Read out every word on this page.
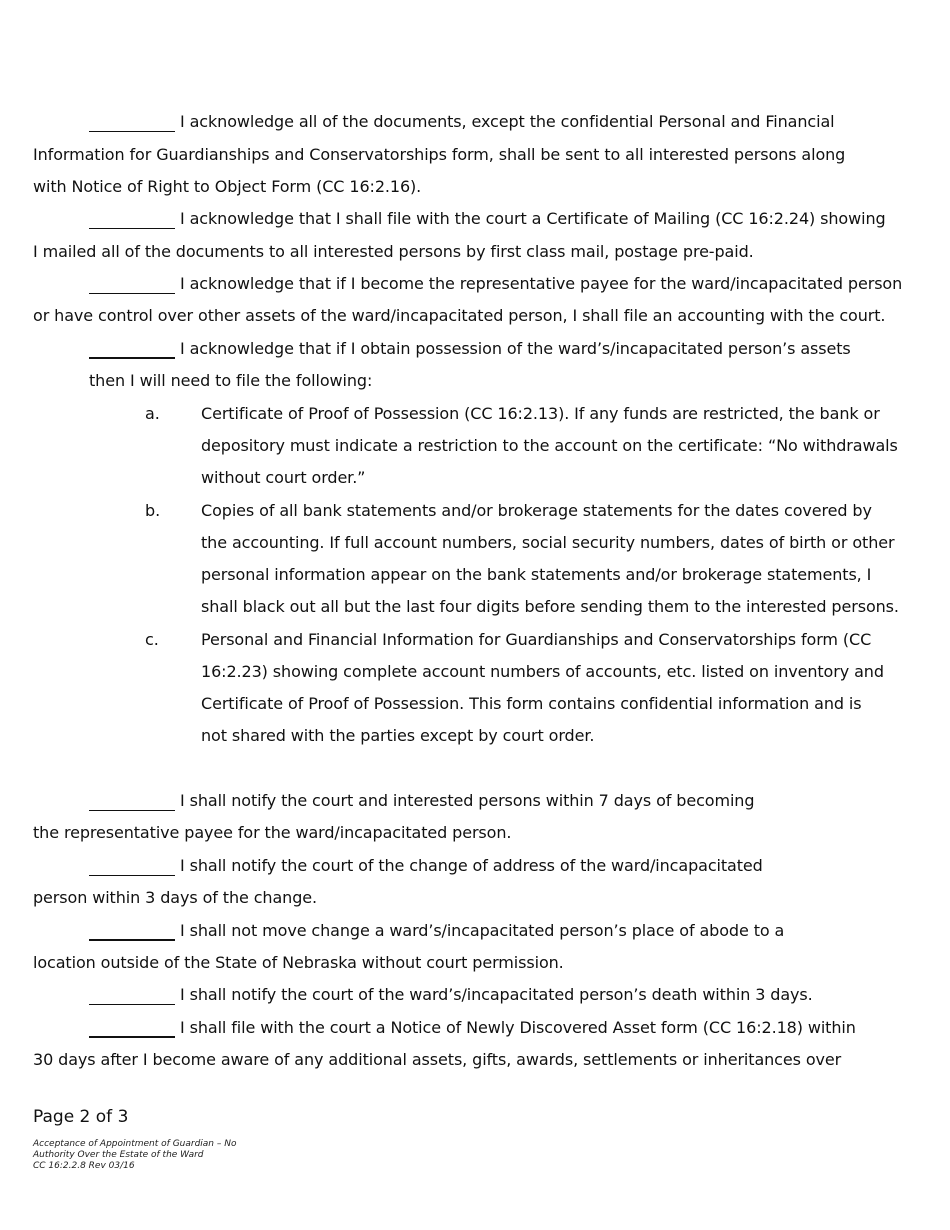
I acknowledge all of the documents, except the confidential Personal and Financial
Information for Guardianships and Conservatorships form, shall be sent to all interested persons along
with Notice of Right to Object Form (CC 16:2.16).
I acknowledge that I shall file with the court a Certificate of Mailing (CC 16:2.24) showing
I mailed all of the documents to all interested persons by first class mail, postage pre-paid.
I acknowledge that if I become the representative payee for the ward/incapacitated person
or have control over other assets of the ward/incapacitated person, I shall file an accounting with the court.
I acknowledge that if I obtain possession of the ward’s/incapacitated person’s assets
then I will need to file the following:
a.	Certificate of Proof of Possession (CC 16:2.13). If any funds are restricted, the bank or
depository must indicate a restriction to the account on the certificate: “No withdrawals
without court order.”
b.	Copies of all bank statements and/or brokerage statements for the dates covered by
the accounting. If full account numbers, social security numbers, dates of birth or other
personal information appear on the bank statements and/or brokerage statements, I
shall black out all but the last four digits before sending them to the interested persons.
c.	Personal and Financial Information for Guardianships and Conservatorships form (CC
16:2.23) showing complete account numbers of accounts, etc. listed on inventory and
Certificate of Proof of Possession. This form contains confidential information and is
not shared with the parties except by court order.
I shall notify the court and interested persons within 7 days of becoming
the representative payee for the ward/incapacitated person.
I shall notify the court of the change of address of the ward/incapacitated
person within 3 days of the change.
I shall not move change a ward’s/incapacitated person’s place of abode to a
location outside of the State of Nebraska without court permission.
I shall notify the court of the ward’s/incapacitated person’s death within 3 days.
I shall file with the court a Notice of Newly Discovered Asset form (CC 16:2.18) within
30 days after I become aware of any additional assets, gifts, awards, settlements or inheritances over
Page 2 of 3
Acceptance of Appointment of Guardian – No
Authority Over the Estate of the Ward
CC 16:2.2.8 Rev 03/16
